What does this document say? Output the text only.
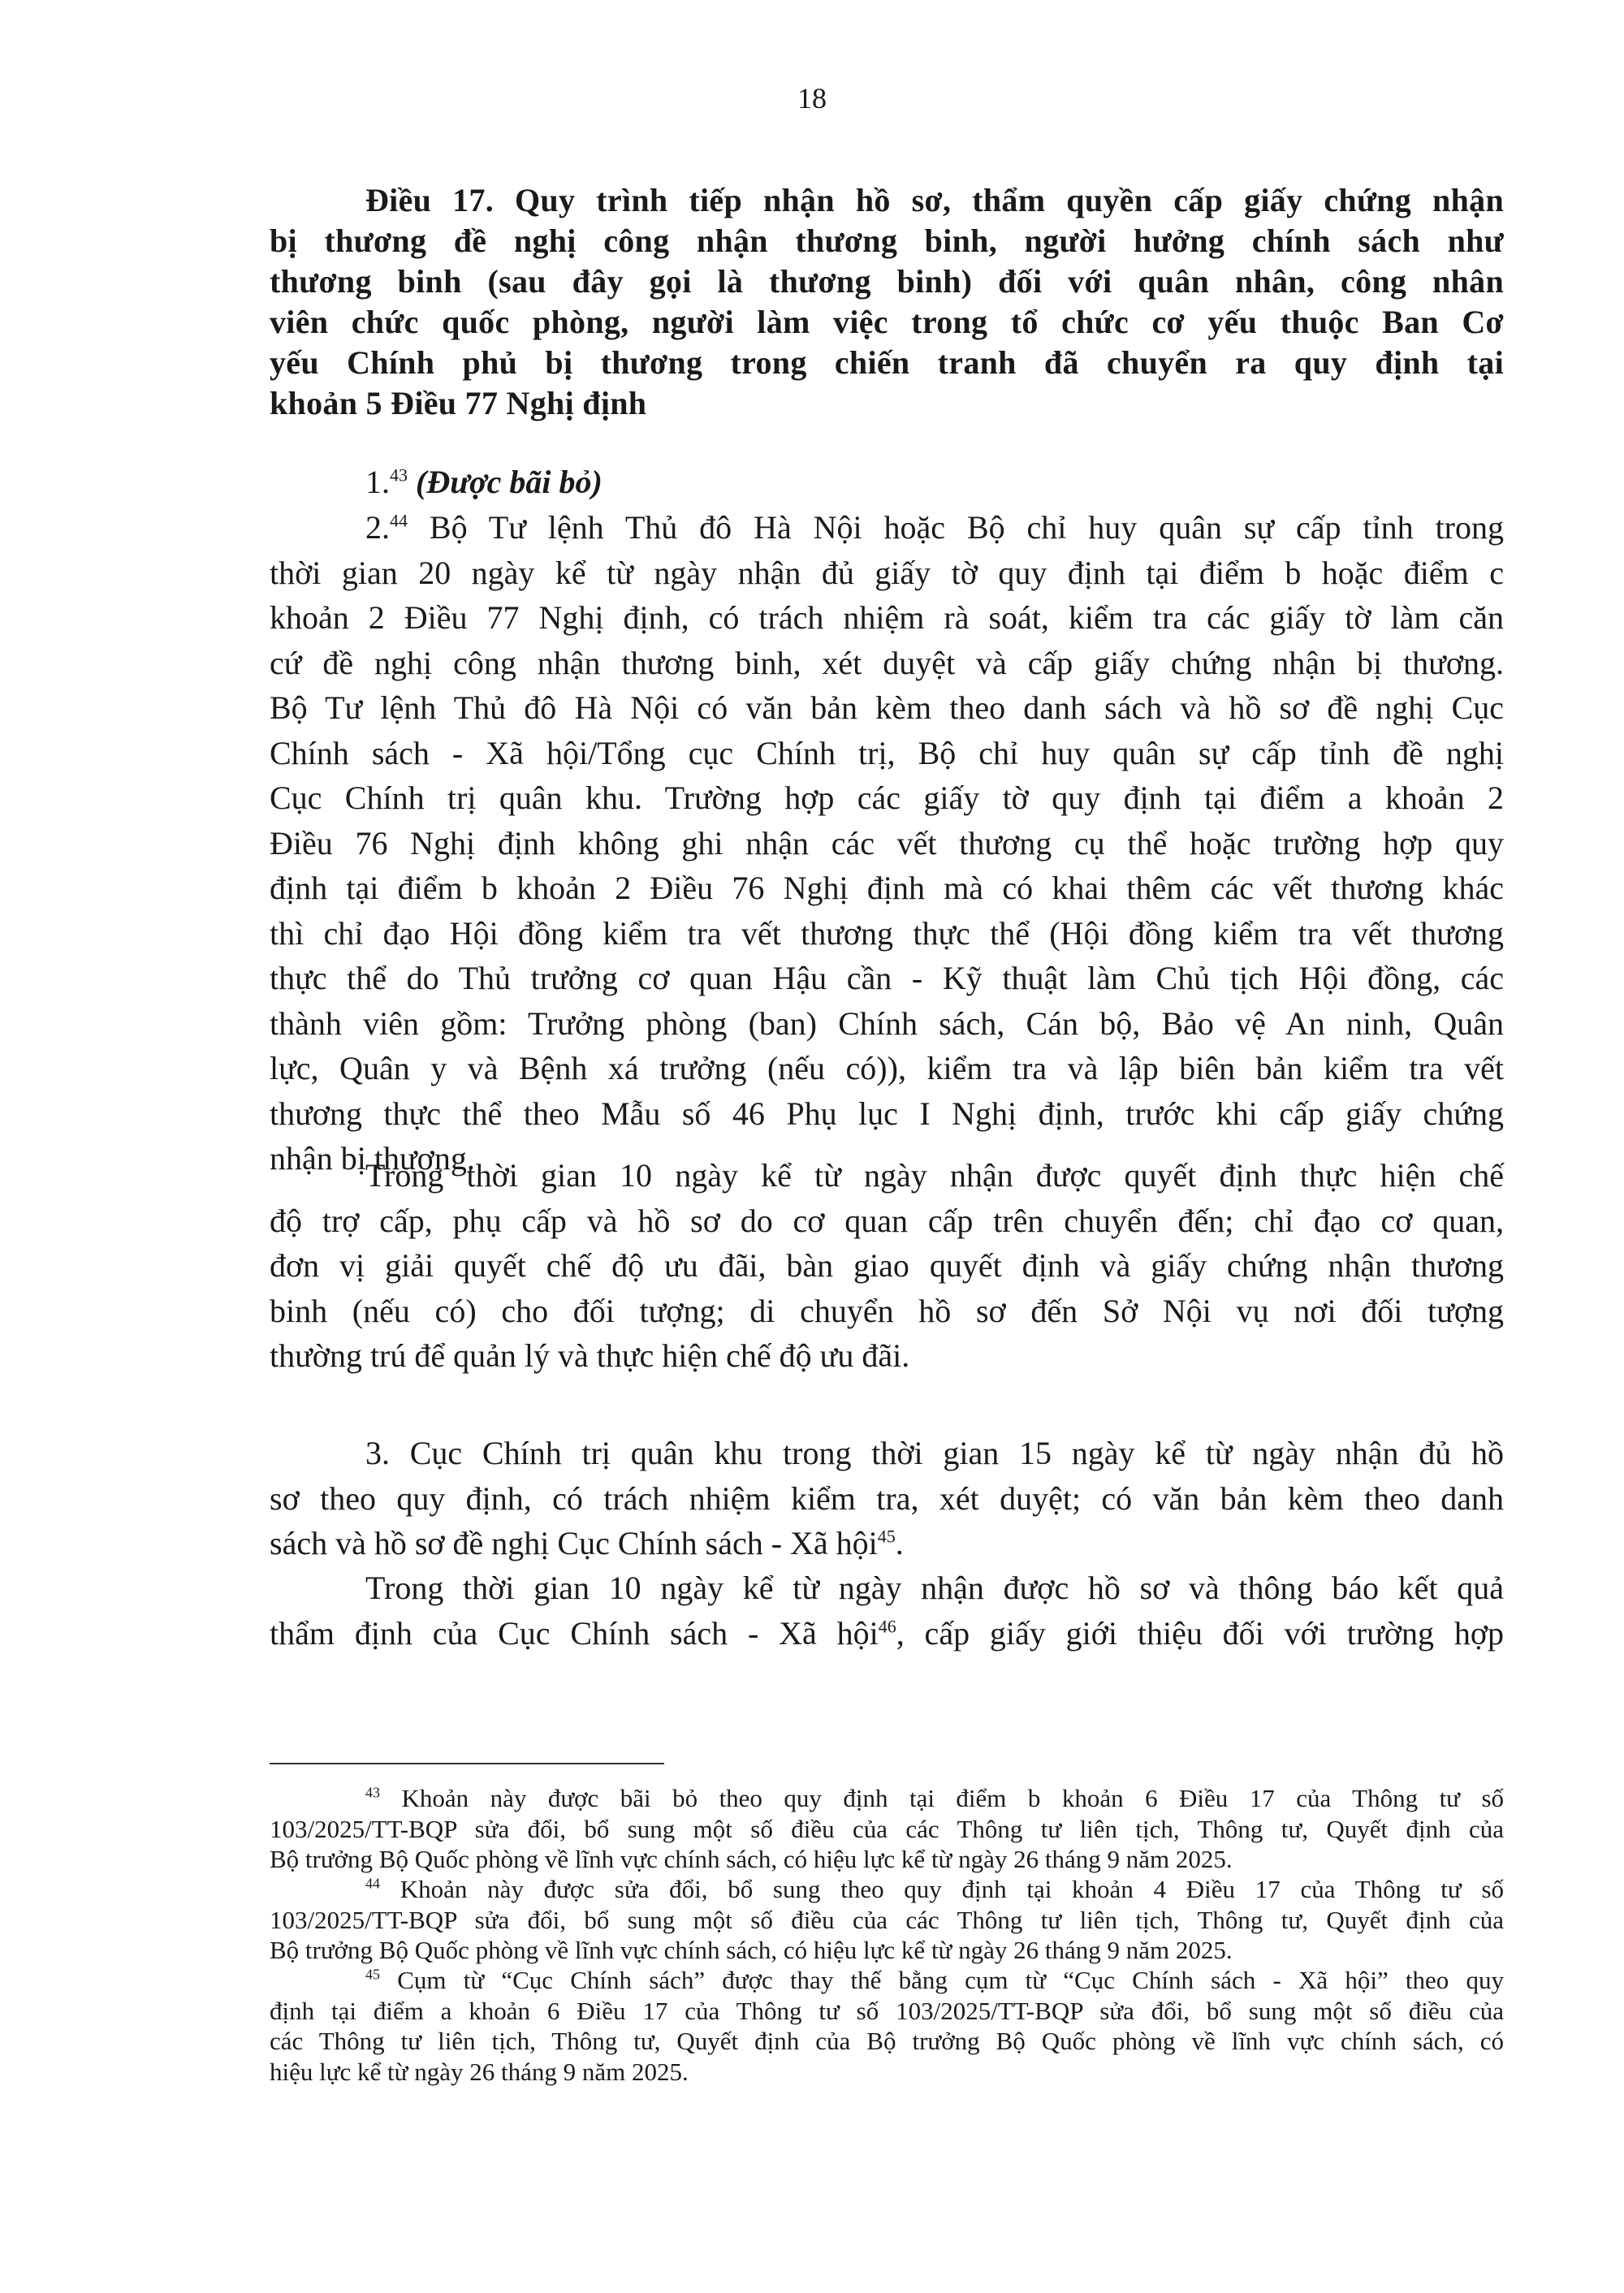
18
Điều 17. Quy trình tiếp nhận hồ sơ, thẩm quyền cấp giấy chứng nhận
bị thương đề nghị công nhận thương binh, người hưởng chính sách như
thương binh (sau đây gọi là thương binh) đối với quân nhân, công nhân
viên chức quốc phòng, người làm việc trong tổ chức cơ yếu thuộc Ban Cơ
yếu Chính phủ bị thương trong chiến tranh đã chuyển ra quy định tại
khoản 5 Điều 77 Nghị định
1.43 (Được bãi bỏ)
2.44 Bộ Tư lệnh Thủ đô Hà Nội hoặc Bộ chỉ huy quân sự cấp tỉnh trong
thời gian 20 ngày kể từ ngày nhận đủ giấy tờ quy định tại điểm b hoặc điểm c
khoản 2 Điều 77 Nghị định, có trách nhiệm rà soát, kiểm tra các giấy tờ làm căn
cứ đề nghị công nhận thương binh, xét duyệt và cấp giấy chứng nhận bị thương.
Bộ Tư lệnh Thủ đô Hà Nội có văn bản kèm theo danh sách và hồ sơ đề nghị Cục
Chính sách - Xã hội/Tổng cục Chính trị, Bộ chỉ huy quân sự cấp tỉnh đề nghị
Cục Chính trị quân khu. Trường hợp các giấy tờ quy định tại điểm a khoản 2
Điều 76 Nghị định không ghi nhận các vết thương cụ thể hoặc trường hợp quy
định tại điểm b khoản 2 Điều 76 Nghị định mà có khai thêm các vết thương khác
thì chỉ đạo Hội đồng kiểm tra vết thương thực thể (Hội đồng kiểm tra vết thương
thực thể do Thủ trưởng cơ quan Hậu cần - Kỹ thuật làm Chủ tịch Hội đồng, các
thành viên gồm: Trưởng phòng (ban) Chính sách, Cán bộ, Bảo vệ An ninh, Quân
lực, Quân y và Bệnh xá trưởng (nếu có)), kiểm tra và lập biên bản kiểm tra vết
thương thực thể theo Mẫu số 46 Phụ lục I Nghị định, trước khi cấp giấy chứng
nhận bị thương.
Trong thời gian 10 ngày kể từ ngày nhận được quyết định thực hiện chế
độ trợ cấp, phụ cấp và hồ sơ do cơ quan cấp trên chuyển đến; chỉ đạo cơ quan,
đơn vị giải quyết chế độ ưu đãi, bàn giao quyết định và giấy chứng nhận thương
binh (nếu có) cho đối tượng; di chuyển hồ sơ đến Sở Nội vụ nơi đối tượng
thường trú để quản lý và thực hiện chế độ ưu đãi.
3. Cục Chính trị quân khu trong thời gian 15 ngày kể từ ngày nhận đủ hồ
sơ theo quy định, có trách nhiệm kiểm tra, xét duyệt; có văn bản kèm theo danh
sách và hồ sơ đề nghị Cục Chính sách - Xã hội$^{45}$.
Trong thời gian 10 ngày kể từ ngày nhận được hồ sơ và thông báo kết quả
thẩm định của Cục Chính sách - Xã hội$^{46}$, cấp giấy giới thiệu đối với trường hợp
$^{43}$ Khoản này được bãi bỏ theo quy định tại điểm b khoản 6 Điều 17 của Thông tư số
103/2025/TT-BQP sửa đổi, bổ sung một số điều của các Thông tư liên tịch, Thông tư, Quyết định của
Bộ trưởng Bộ Quốc phòng về lĩnh vực chính sách, có hiệu lực kể từ ngày 26 tháng 9 năm 2025.
$^{44}$ Khoản này được sửa đổi, bổ sung theo quy định tại khoản 4 Điều 17 của Thông tư số
103/2025/TT-BQP sửa đổi, bổ sung một số điều của các Thông tư liên tịch, Thông tư, Quyết định của
Bộ trưởng Bộ Quốc phòng về lĩnh vực chính sách, có hiệu lực kể từ ngày 26 tháng 9 năm 2025.
$^{45}$ Cụm từ “Cục Chính sách” được thay thế bằng cụm từ “Cục Chính sách - Xã hội” theo quy
định tại điểm a khoản 6 Điều 17 của Thông tư số 103/2025/TT-BQP sửa đổi, bổ sung một số điều của
các Thông tư liên tịch, Thông tư, Quyết định của Bộ trưởng Bộ Quốc phòng về lĩnh vực chính sách, có
hiệu lực kể từ ngày 26 tháng 9 năm 2025.
